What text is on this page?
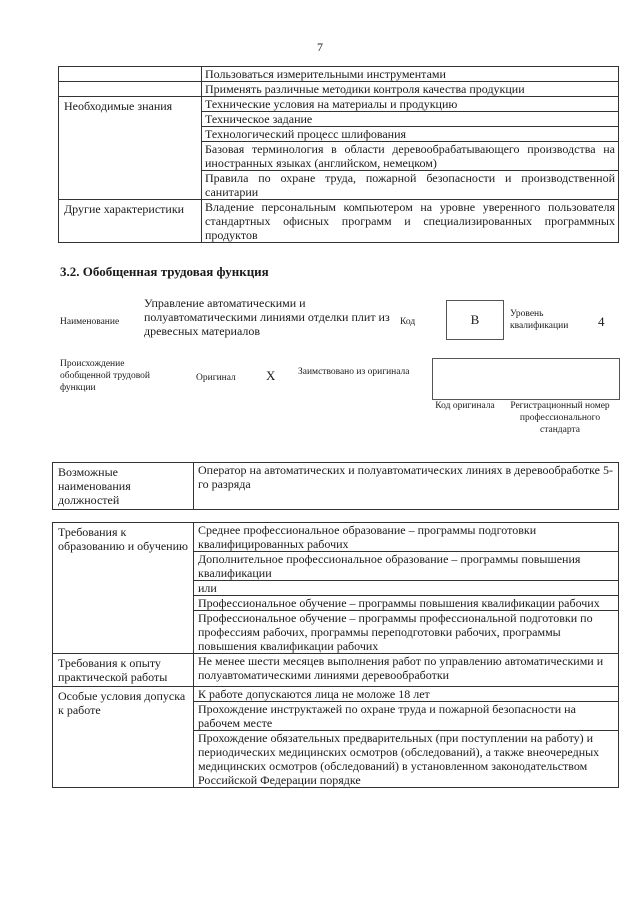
7
	Пользоваться измерительными инструментами
	Применять различные методики контроля качества продукции
Необходимые знания	Технические условия на материалы и продукцию
	Техническое задание
	Технологический процесс шлифования
	Базовая терминология в области деревообрабатывающего производства на иностранных языках (английском, немецком)
	Правила по охране труда, пожарной безопасности и производственной санитарии
Другие характеристики	Владение персональным компьютером на уровне уверенного пользователя стандартных офисных программ и специализированных программных продуктов
3.2. Обобщенная трудовая функция
Наименование
Управление автоматическими и полуавтоматическими линиями отделки плит из древесных материалов
Код	В	Уровень квалификации	4
Происхождение обобщенной трудовой функции
Оригинал X Заимствовано из оригинала
Код оригинала	Регистрационный номер профессионального стандарта
Возможные наименования должностей	Оператор на автоматических и полуавтоматических линиях в деревообработке 5-го разряда
Требования к образованию и обучению	Среднее профессиональное образование – программы подготовки квалифицированных рабочих
	Дополнительное профессиональное образование – программы повышения квалификации
	или
	Профессиональное обучение – программы повышения квалификации рабочих
	Профессиональное обучение – программы профессиональной подготовки по профессиям рабочих, программы переподготовки рабочих, программы повышения квалификации рабочих
Требования к опыту практической работы	Не менее шести месяцев выполнения работ по управлению автоматическими и полуавтоматическими линиями деревообработки
Особые условия допуска к работе	К работе допускаются лица не моложе 18 лет
	Прохождение инструктажей по охране труда и пожарной безопасности на рабочем месте
	Прохождение обязательных предварительных (при поступлении на работу) и периодических медицинских осмотров (обследований), а также внеочередных медицинских осмотров (обследований) в установленном законодательством Российской Федерации порядке
